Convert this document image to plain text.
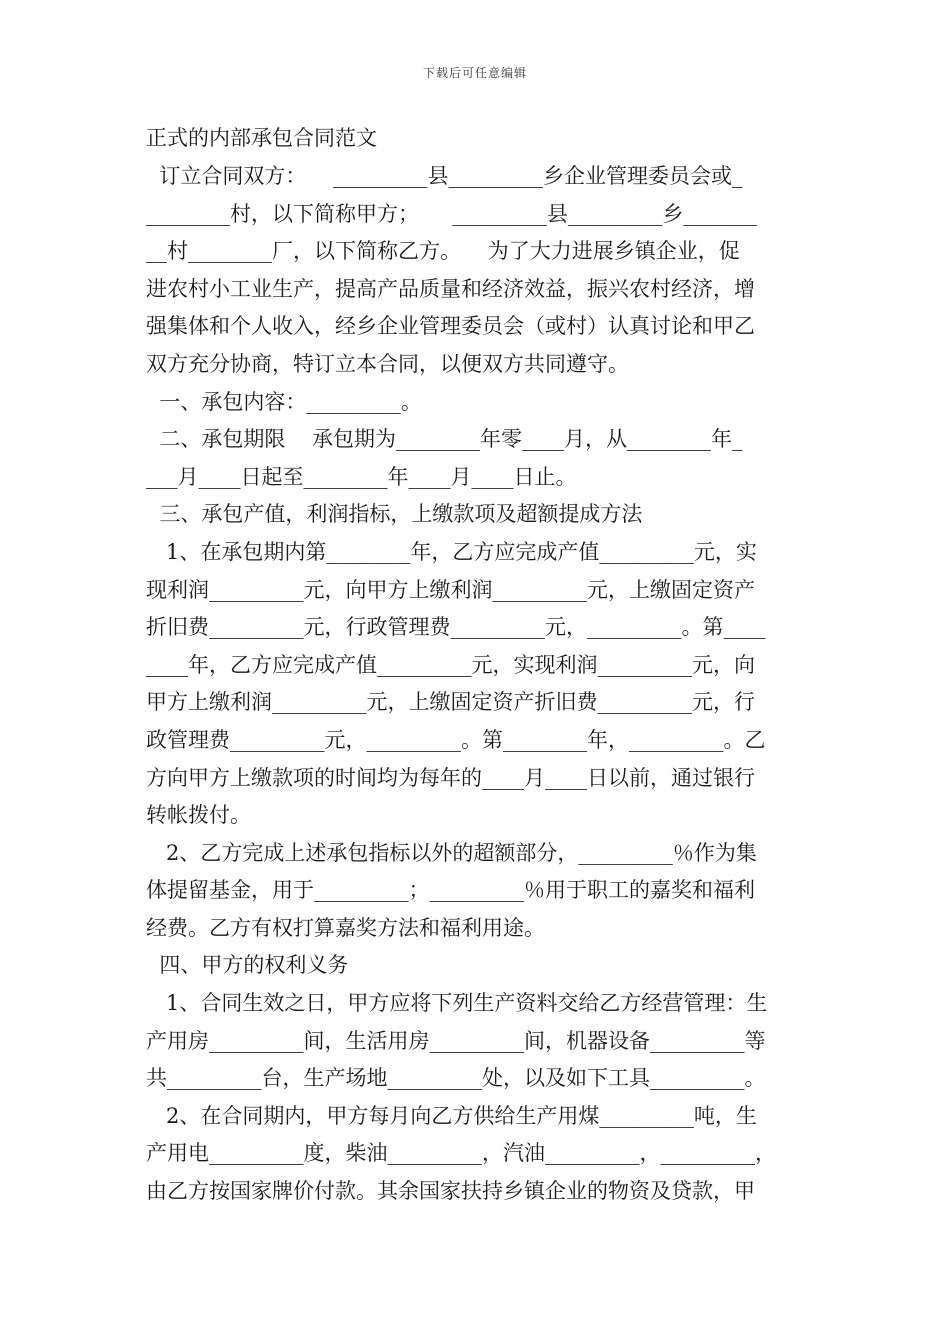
下载后可任意编辑
正式的内部承包合同范文
订立合同双方：    _________县_________乡企业管理委员会或_
________村，以下简称甲方；     _________县_________乡_______
__村________厂，以下简称乙方。    为了大力进展乡镇企业，促
进农村小工业生产，提高产品质量和经济效益，振兴农村经济，增
强集体和个人收入，经乡企业管理委员会（或村）认真讨论和甲乙
双方充分协商，特订立本合同，以便双方共同遵守。
一、承包内容：_________。
二、承包期限    承包期为________年零____月，从________年_
___月____日起至________年____月____日止。
三、承包产值，利润指标，上缴款项及超额提成方法
1、在承包期内第________年，乙方应完成产值_________元，实
现利润_________元，向甲方上缴利润_________元，上缴固定资产
折旧费_________元，行政管理费_________元，_________。第____
____年，乙方应完成产值_________元，实现利润_________元，向
甲方上缴利润_________元，上缴固定资产折旧费_________元，行
政管理费_________元，_________。第________年，_________。乙
方向甲方上缴款项的时间均为每年的____月____日以前，通过银行
转帐拨付。
2、乙方完成上述承包指标以外的超额部分，_________％作为集
体提留基金，用于_________；_________％用于职工的嘉奖和福利
经费。乙方有权打算嘉奖方法和福利用途。
四、甲方的权利义务
1、合同生效之日，甲方应将下列生产资料交给乙方经营管理：生
产用房_________间，生活用房_________间，机器设备_________等
共_________台，生产场地_________处，以及如下工具_________。
2、在合同期内，甲方每月向乙方供给生产用煤_________吨，生
产用电_________度，柴油_________，汽油_________，_________，
由乙方按国家牌价付款。其余国家扶持乡镇企业的物资及贷款，甲
